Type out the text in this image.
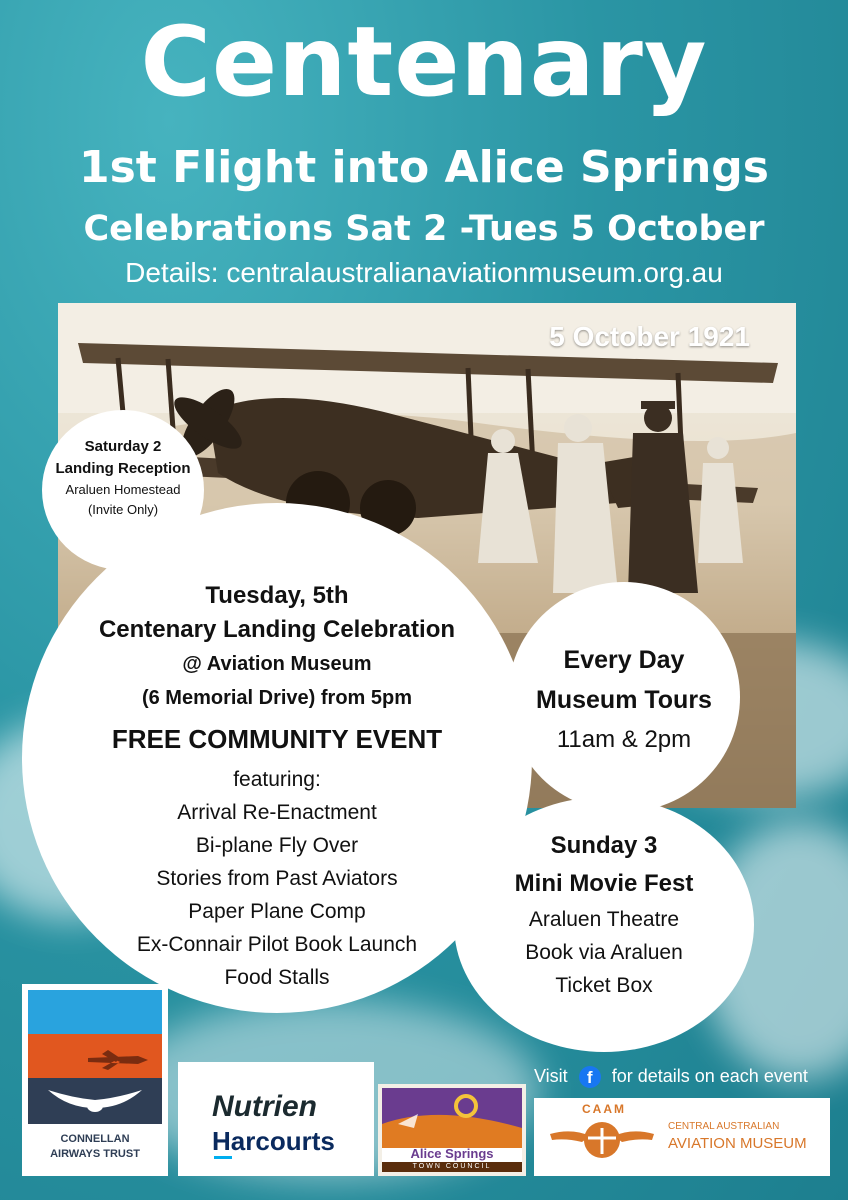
Centenary
1st Flight into Alice Springs
Celebrations Sat 2 -Tues 5 October
Details: centralaustralianaviationmuseum.org.au
5 October 1921
Saturday 2
Landing Reception
Araluen Homestead
(Invite Only)
Tuesday, 5th
Centenary Landing Celebration
@ Aviation Museum
(6 Memorial Drive) from 5pm
FREE COMMUNITY EVENT
featuring:
Arrival Re-Enactment
Bi-plane Fly Over
Stories from Past Aviators
Paper Plane Comp
Ex-Connair Pilot Book Launch
Food Stalls
Every Day
Museum Tours
11am & 2pm
Sunday 3
Mini Movie Fest
Araluen Theatre
Book via Araluen
Ticket Box
CONNELLAN
AIRWAYS TRUST
Nutrien
Harcourts	Alice Springs
TOWN COUNCIL
Visit f for details on each event
CAAM
CENTRAL AUSTRALIAN
AVIATION MUSEUM
